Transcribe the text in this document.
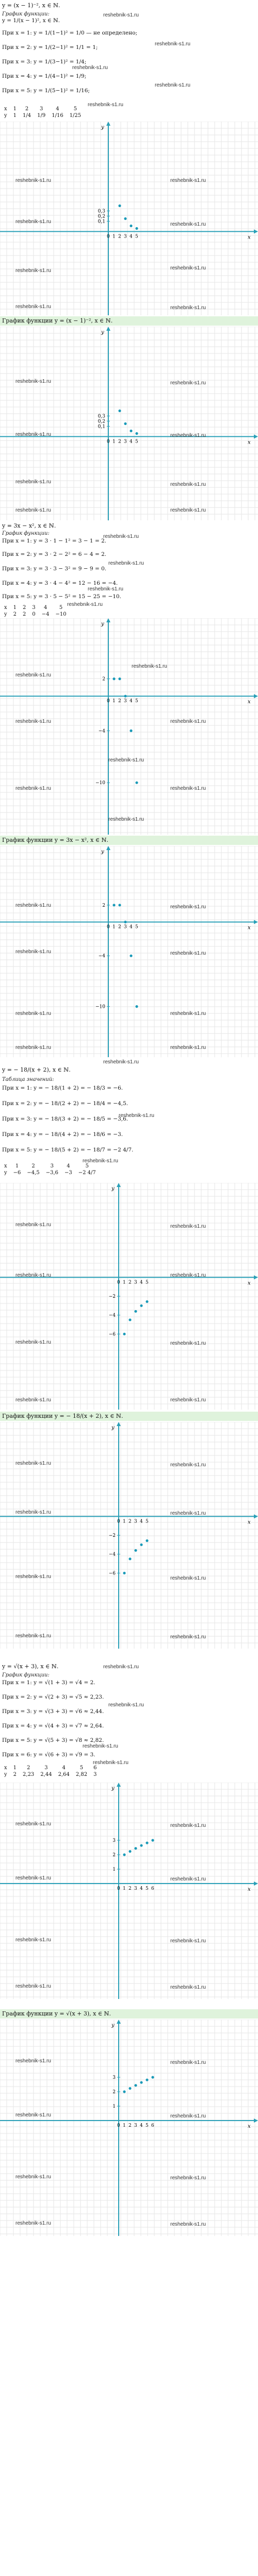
y = (x − 1)⁻², x ∈ ℕ.
График функции:
y = 1/(x − 1)², x ∈ ℕ.
При x = 1: y = 1/(1−1)² = 1/0 — не определено;
При x = 2: y = 1/(2−1)² = 1/1 = 1;
При x = 3: y = 1/(3−1)² = 1/4;
При x = 4: y = 1/(4−1)² = 1/9;
При x = 5: y = 1/(5−1)² = 1/16;
x	1	2	3	4	5
y	1	1/4	1/9	1/16	1/25
reshebnik-s1.ru
reshebnik-s1.ru
reshebnik-s1.ru
reshebnik-s1.ru
reshebnik-s1.ru
x
y
0 1 2 3 4 5
0,3
0,2
0,1
reshebnik-s1.ru	reshebnik-s1.ru
reshebnik-s1.ru	reshebnik-s1.ru
reshebnik-s1.ru	reshebnik-s1.ru
reshebnik-s1.ru	reshebnik-s1.ru
График функции y = (x − 1)⁻², x ∈ ℕ.
x
y
0 1 2 3 4 5
0,3
0,2
0,1
reshebnik-s1.ru	reshebnik-s1.ru
reshebnik-s1.ru	reshebnik-s1.ru
reshebnik-s1.ru	reshebnik-s1.ru
reshebnik-s1.ru	reshebnik-s1.ru
y = 3x − x², x ∈ ℕ.
График функции:
При x = 1: y = 3 · 1 − 1² = 3 − 1 = 2.
При x = 2: y = 3 · 2 − 2² = 6 − 4 = 2.
При x = 3: y = 3 · 3 − 3² = 9 − 9 = 0.
При x = 4: y = 3 · 4 − 4² = 12 − 16 = −4.
При x = 5: y = 3 · 5 − 5² = 15 − 25 = −10.
x	1	2	3	4	5
y	2	2	0	−4	−10
reshebnik-s1.ru
reshebnik-s1.ru
reshebnik-s1.ru
reshebnik-s1.ru
x
y
0 1 2 3 4 5
2
−4
−10
reshebnik-s1.ru
reshebnik-s1.ru
reshebnik-s1.ru	reshebnik-s1.ru
reshebnik-s1.ru
reshebnik-s1.ru	reshebnik-s1.ru
reshebnik-s1.ru
График функции y = 3x − x², x ∈ ℕ.
x
y
0 1 2 3 4 5
2
−4
−10
reshebnik-s1.ru	reshebnik-s1.ru
reshebnik-s1.ru	reshebnik-s1.ru
reshebnik-s1.ru	reshebnik-s1.ru
reshebnik-s1.ru	reshebnik-s1.ru
y = − 18/(x + 2), x ∈ ℕ.
Таблица значений:
При x = 1: y = − 18/(1 + 2) = − 18/3 = −6.
При x = 2: y = − 18/(2 + 2) = − 18/4 = −4,5.
При x = 3: y = − 18/(3 + 2) = − 18/5 = −3,6.
При x = 4: y = − 18/(4 + 2) = − 18/6 = −3.
При x = 5: y = − 18/(5 + 2) = − 18/7 = −2 4/7.
x	1	2	3	4	5
y	−6	−4,5	−3,6	−3	−2 4/7
reshebnik-s1.ru
reshebnik-s1.ru
reshebnik-s1.ru
x
y
0 1 2 3 4 5
−2
−4
−6
reshebnik-s1.ru	reshebnik-s1.ru
reshebnik-s1.ru	reshebnik-s1.ru
reshebnik-s1.ru	reshebnik-s1.ru
reshebnik-s1.ru	reshebnik-s1.ru
График функции y = − 18/(x + 2), x ∈ ℕ.
x
y
0 1 2 3 4 5
−2
−4
−6
reshebnik-s1.ru	reshebnik-s1.ru
reshebnik-s1.ru	reshebnik-s1.ru
reshebnik-s1.ru	reshebnik-s1.ru
reshebnik-s1.ru	reshebnik-s1.ru
y = √(x + 3), x ∈ ℕ.
График функции:
При x = 1: y = √(1 + 3) = √4 = 2.
При x = 2: y = √(2 + 3) = √5 ≈ 2,23.
При x = 3: y = √(3 + 3) = √6 ≈ 2,44.
При x = 4: y = √(4 + 3) = √7 ≈ 2,64.
При x = 5: y = √(5 + 3) = √8 ≈ 2,82.
При x = 6: y = √(6 + 3) = √9 = 3.
x	1	2	3	4	5	6
y	2	2,23	2,44	2,64	2,82	3
reshebnik-s1.ru
reshebnik-s1.ru
reshebnik-s1.ru
reshebnik-s1.ru
x
y
0 1 2 3 4 5 6
1
2
3
reshebnik-s1.ru	reshebnik-s1.ru
reshebnik-s1.ru	reshebnik-s1.ru
reshebnik-s1.ru	reshebnik-s1.ru
reshebnik-s1.ru	reshebnik-s1.ru
График функции y = √(x + 3), x ∈ ℕ.
x
y
0 1 2 3 4 5 6
1
2
3
reshebnik-s1.ru	reshebnik-s1.ru
reshebnik-s1.ru	reshebnik-s1.ru
reshebnik-s1.ru	reshebnik-s1.ru
reshebnik-s1.ru	reshebnik-s1.ru
